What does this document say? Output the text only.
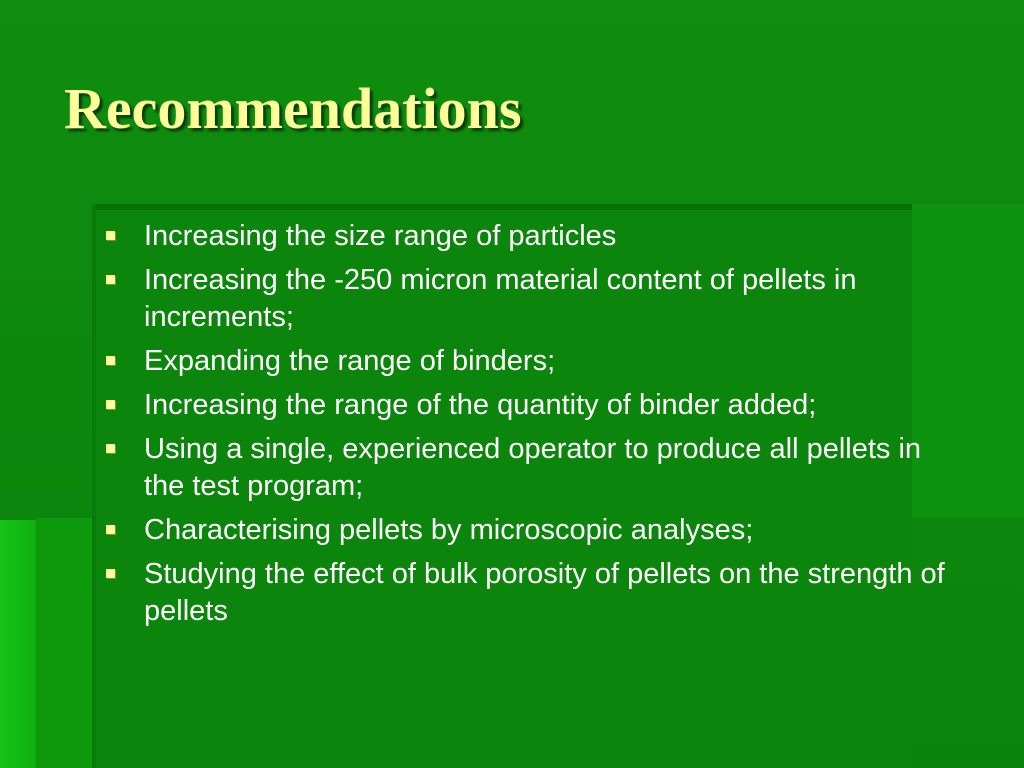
Recommendations
Increasing the size range of particles
Increasing the -250 micron material content of pellets in increments;
Expanding the range of binders;
Increasing the range of the quantity of binder added;
Using a single, experienced operator to produce all pellets in the test program;
Characterising pellets by microscopic analyses;
Studying the effect of bulk porosity of pellets on the strength of pellets
